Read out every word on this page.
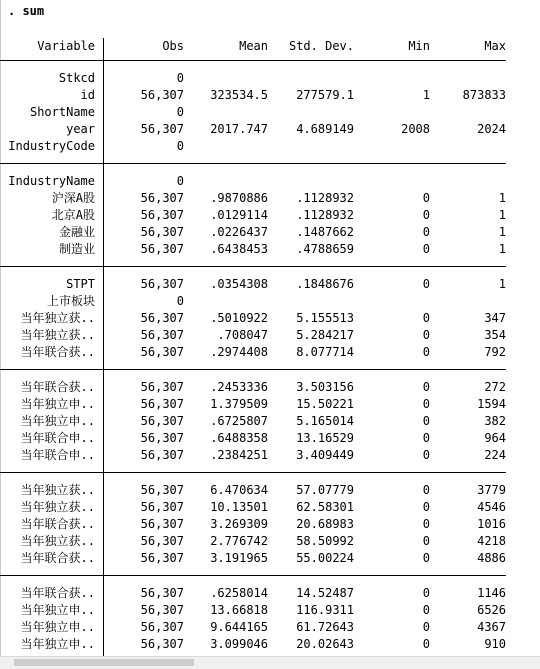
. sum
Variable	Obs	Mean	Std. Dev.	Min	Max

Stkcd	0				
id	56,307	323534.5	277579.1	1	873833
ShortName	0				
year	56,307	2017.747	4.689149	2008	2024
IndustryCode	0				

IndustryName	0				
沪深A股	56,307	.9870886	.1128932	0	1
北京A股	56,307	.0129114	.1128932	0	1
金融业	56,307	.0226437	.1487662	0	1
制造业	56,307	.6438453	.4788659	0	1

STPT	56,307	.0354308	.1848676	0	1
上市板块	0				
当年独立获..	56,307	.5010922	5.155513	0	347
当年独立获..	56,307	.708047	5.284217	0	354
当年联合获..	56,307	.2974408	8.077714	0	792

当年联合获..	56,307	.2453336	3.503156	0	272
当年独立申..	56,307	1.379509	15.50221	0	1594
当年独立申..	56,307	.6725807	5.165014	0	382
当年联合申..	56,307	.6488358	13.16529	0	964
当年联合申..	56,307	.2384251	3.409449	0	224

当年独立获..	56,307	6.470634	57.07779	0	3779
当年独立获..	56,307	10.13501	62.58301	0	4546
当年联合获..	56,307	3.269309	20.68983	0	1016
当年独立获..	56,307	2.776742	58.50992	0	4218
当年联合获..	56,307	3.191965	55.00224	0	4886

当年联合获..	56,307	.6258014	14.52487	0	1146
当年独立申..	56,307	13.66818	116.9311	0	6526
当年独立申..	56,307	9.644165	61.72643	0	4367
当年独立申..	56,307	3.099046	20.02643	0	910
